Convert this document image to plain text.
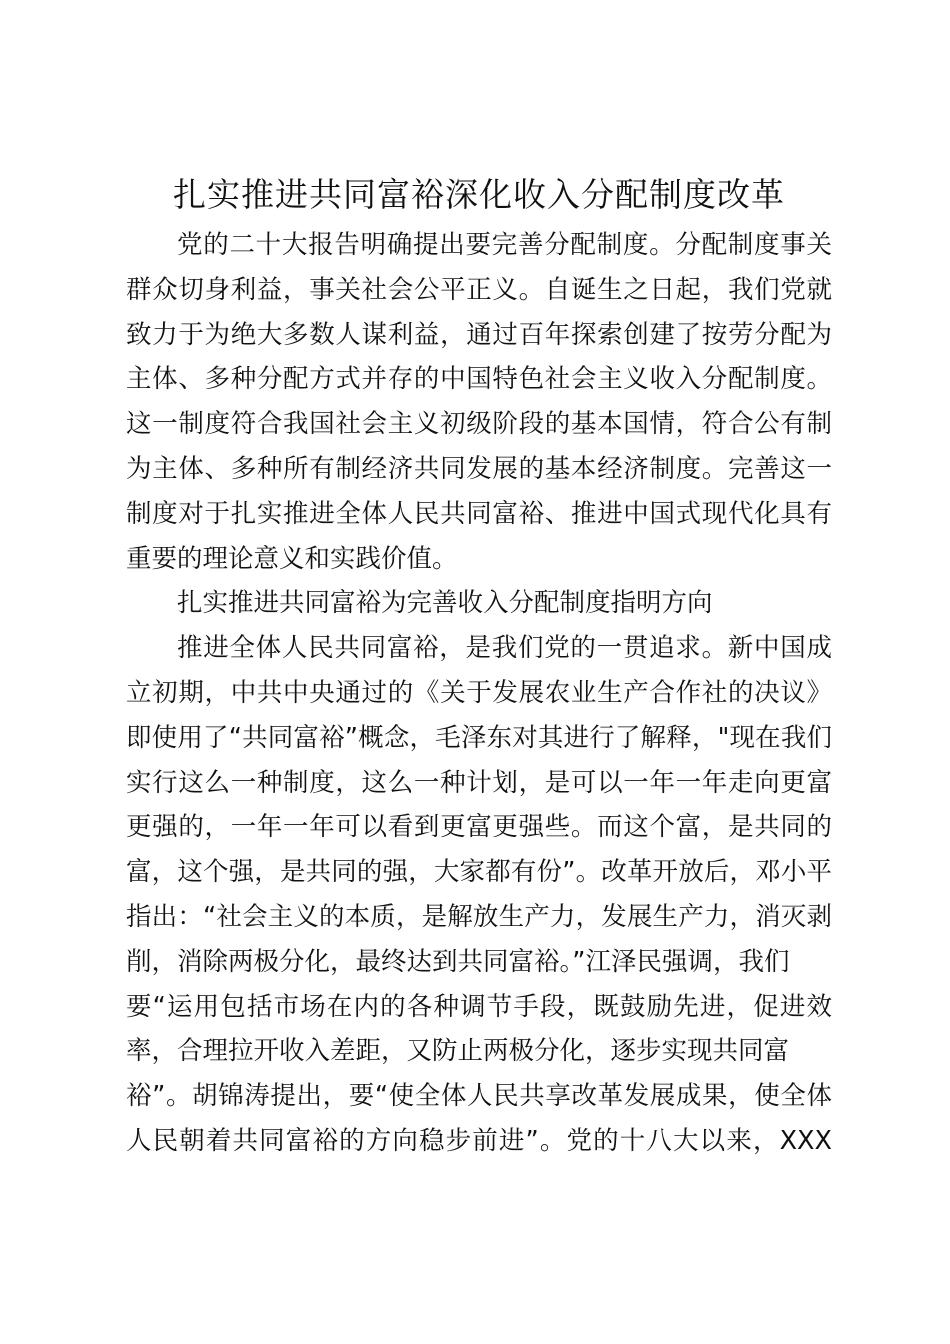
扎实推进共同富裕深化收入分配制度改革
党的二十大报告明确提出要完善分配制度。分配制度事关
群众切身利益，事关社会公平正义。自诞生之日起，我们党就
致力于为绝大多数人谋利益，通过百年探索创建了按劳分配为
主体、多种分配方式并存的中国特色社会主义收入分配制度。
这一制度符合我国社会主义初级阶段的基本国情，符合公有制
为主体、多种所有制经济共同发展的基本经济制度。完善这一
制度对于扎实推进全体人民共同富裕、推进中国式现代化具有
重要的理论意义和实践价值。
扎实推进共同富裕为完善收入分配制度指明方向
推进全体人民共同富裕，是我们党的一贯追求。新中国成
立初期，中共中央通过的《关于发展农业生产合作社的决议》
即使用了“共同富裕”概念，毛泽东对其进行了解释，"现在我们
实行这么一种制度，这么一种计划，是可以一年一年走向更富
更强的，一年一年可以看到更富更强些。而这个富，是共同的
富，这个强，是共同的强，大家都有份”。改革开放后，邓小平
指出：“社会主义的本质，是解放生产力，发展生产力，消灭剥
削，消除两极分化，最终达到共同富裕。”江泽民强调，我们
要“运用包括市场在内的各种调节手段，既鼓励先进，促进效
率，合理拉开收入差距，又防止两极分化，逐步实现共同富
裕”。胡锦涛提出，要“使全体人民共享改革发展成果，使全体
人民朝着共同富裕的方向稳步前进”。党的十八大以来，XXX
